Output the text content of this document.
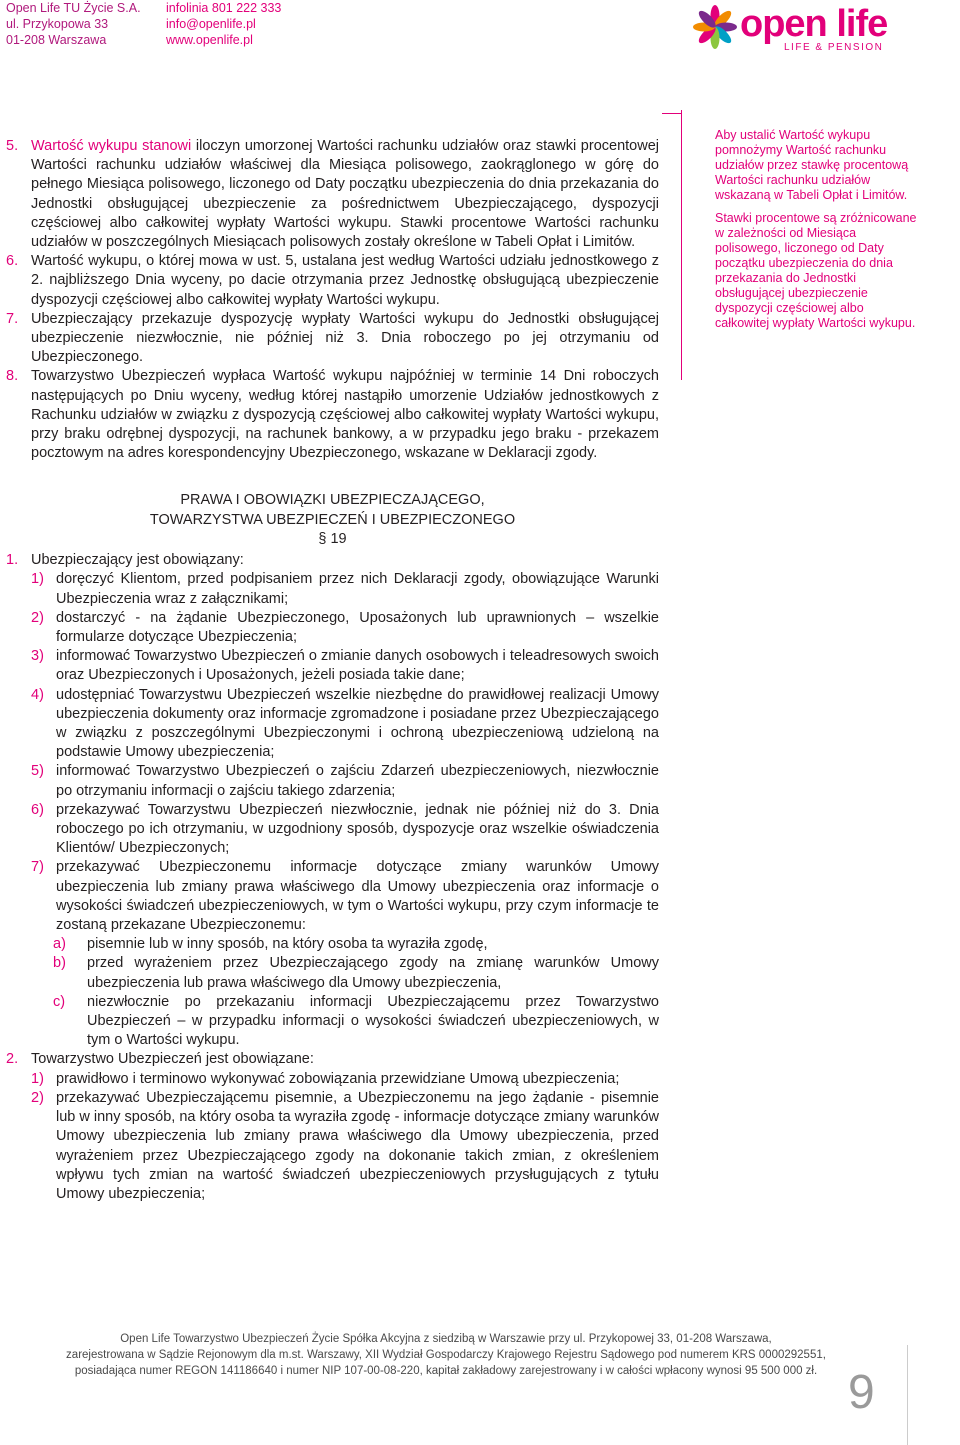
Open Life TU Życie S.A.
ul. Przykopowa 33
01-208 Warszawa
infolinia 801 222 333
info@openlife.pl
www.openlife.pl	open life
LIFE & PENSION
5. Wartość wykupu stanowi iloczyn umorzonej Wartości rachunku udziałów oraz stawki procentowej Wartości rachunku udziałów właściwej dla Miesiąca polisowego, zaokrąglonego w górę do pełnego Miesiąca polisowego, liczonego od Daty początku ubezpieczenia do dnia przekazania do Jednostki obsługującej ubezpieczenie za pośrednictwem Ubezpieczającego, dyspozycji częściowej albo całkowitej wypłaty Wartości wykupu. Stawki procentowe Wartości rachunku udziałów w poszczególnych Miesiącach polisowych zostały określone w Tabeli Opłat i Limitów.
6. Wartość wykupu, o której mowa w ust. 5, ustalana jest według Wartości udziału jednostkowego z 2. najbliższego Dnia wyceny, po dacie otrzymania przez Jednostkę obsługującą ubezpieczenie dyspozycji częściowej albo całkowitej wypłaty Wartości wykupu.
7. Ubezpieczający przekazuje dyspozycję wypłaty Wartości wykupu do Jednostki obsługującej ubezpieczenie niezwłocznie, nie później niż 3. Dnia roboczego po jej otrzymaniu od Ubezpieczonego.
8. Towarzystwo Ubezpieczeń wypłaca Wartość wykupu najpóźniej w terminie 14 Dni roboczych następujących po Dniu wyceny, według której nastąpiło umorzenie Udziałów jednostkowych z Rachunku udziałów w związku z dyspozycją częściowej albo całkowitej wypłaty Wartości wykupu, przy braku odrębnej dyspozycji, na rachunek bankowy, a w przypadku jego braku - przekazem pocztowym na adres korespondencyjny Ubezpieczonego, wskazane w Deklaracji zgody.

Aby ustalić Wartość wykupu pomnożymy Wartość rachunku udziałów przez stawkę procentową Wartości rachunku udziałów wskazaną w Tabeli Opłat i Limitów.

Stawki procentowe są zróżnicowane w zależności od Miesiąca polisowego, liczonego od Daty początku ubezpieczenia do dnia przekazania do Jednostki obsługującej ubezpieczenie dyspozycji częściowej albo całkowitej wypłaty Wartości wykupu.

PRAWA I OBOWIĄZKI UBEZPIECZAJĄCEGO,
TOWARZYSTWA UBEZPIECZEŃ I UBEZPIECZONEGO
§ 19
1. Ubezpieczający jest obowiązany:
1) doręczyć Klientom, przed podpisaniem przez nich Deklaracji zgody, obowiązujące Warunki Ubezpieczenia wraz z załącznikami;
2) dostarczyć - na żądanie Ubezpieczonego, Uposażonych lub uprawnionych – wszelkie formularze dotyczące Ubezpieczenia;
3) informować Towarzystwo Ubezpieczeń o zmianie danych osobowych i teleadresowych swoich oraz Ubezpieczonych i Uposażonych, jeżeli posiada takie dane;
4) udostępniać Towarzystwu Ubezpieczeń wszelkie niezbędne do prawidłowej realizacji Umowy ubezpieczenia dokumenty oraz informacje zgromadzone i posiadane przez Ubezpieczającego w związku z poszczególnymi Ubezpieczonymi i ochroną ubezpieczeniową udzieloną na podstawie Umowy ubezpieczenia;
5) informować Towarzystwo Ubezpieczeń o zajściu Zdarzeń ubezpieczeniowych, niezwłocznie po otrzymaniu informacji o zajściu takiego zdarzenia;
6) przekazywać Towarzystwu Ubezpieczeń niezwłocznie, jednak nie później niż do 3. Dnia roboczego po ich otrzymaniu, w uzgodniony sposób, dyspozycje oraz wszelkie oświadczenia Klientów/ Ubezpieczonych;
7) przekazywać Ubezpieczonemu informacje dotyczące zmiany warunków Umowy ubezpieczenia lub zmiany prawa właściwego dla Umowy ubezpieczenia oraz informacje o wysokości świadczeń ubezpieczeniowych, w tym o Wartości wykupu, przy czym informacje te zostaną przekazane Ubezpieczonemu:
a)	pisemnie lub w inny sposób, na który osoba ta wyraziła zgodę,
b)	przed wyrażeniem przez Ubezpieczającego zgody na zmianę warunków Umowy ubezpieczenia lub prawa właściwego dla Umowy ubezpieczenia,
c)	niezwłocznie po przekazaniu informacji Ubezpieczającemu przez Towarzystwo Ubezpieczeń – w przypadku informacji o wysokości świadczeń ubezpieczeniowych, w tym o Wartości wykupu.
2. Towarzystwo Ubezpieczeń jest obowiązane:
1) prawidłowo i terminowo wykonywać zobowiązania przewidziane Umową ubezpieczenia;
2) przekazywać Ubezpieczającemu pisemnie, a Ubezpieczonemu na jego żądanie - pisemnie lub w inny sposób, na który osoba ta wyraziła zgodę - informacje dotyczące zmiany warunków Umowy ubezpieczenia lub zmiany prawa właściwego dla Umowy ubezpieczenia, przed wyrażeniem przez Ubezpieczającego zgody na dokonanie takich zmian, z określeniem wpływu tych zmian na wartość świadczeń ubezpieczeniowych przysługujących z tytułu Umowy ubezpieczenia;
Open Life Towarzystwo Ubezpieczeń Życie Spółka Akcyjna z siedzibą w Warszawie przy ul. Przykopowej 33, 01-208 Warszawa,
zarejestrowana w Sądzie Rejonowym dla m.st. Warszawy, XII Wydział Gospodarczy Krajowego Rejestru Sądowego pod numerem KRS 0000292551,
posiadająca numer REGON 141186640 i numer NIP 107-00-08-220, kapitał zakładowy zarejestrowany i w całości wpłacony wynosi 95 500 000 zł. 9
